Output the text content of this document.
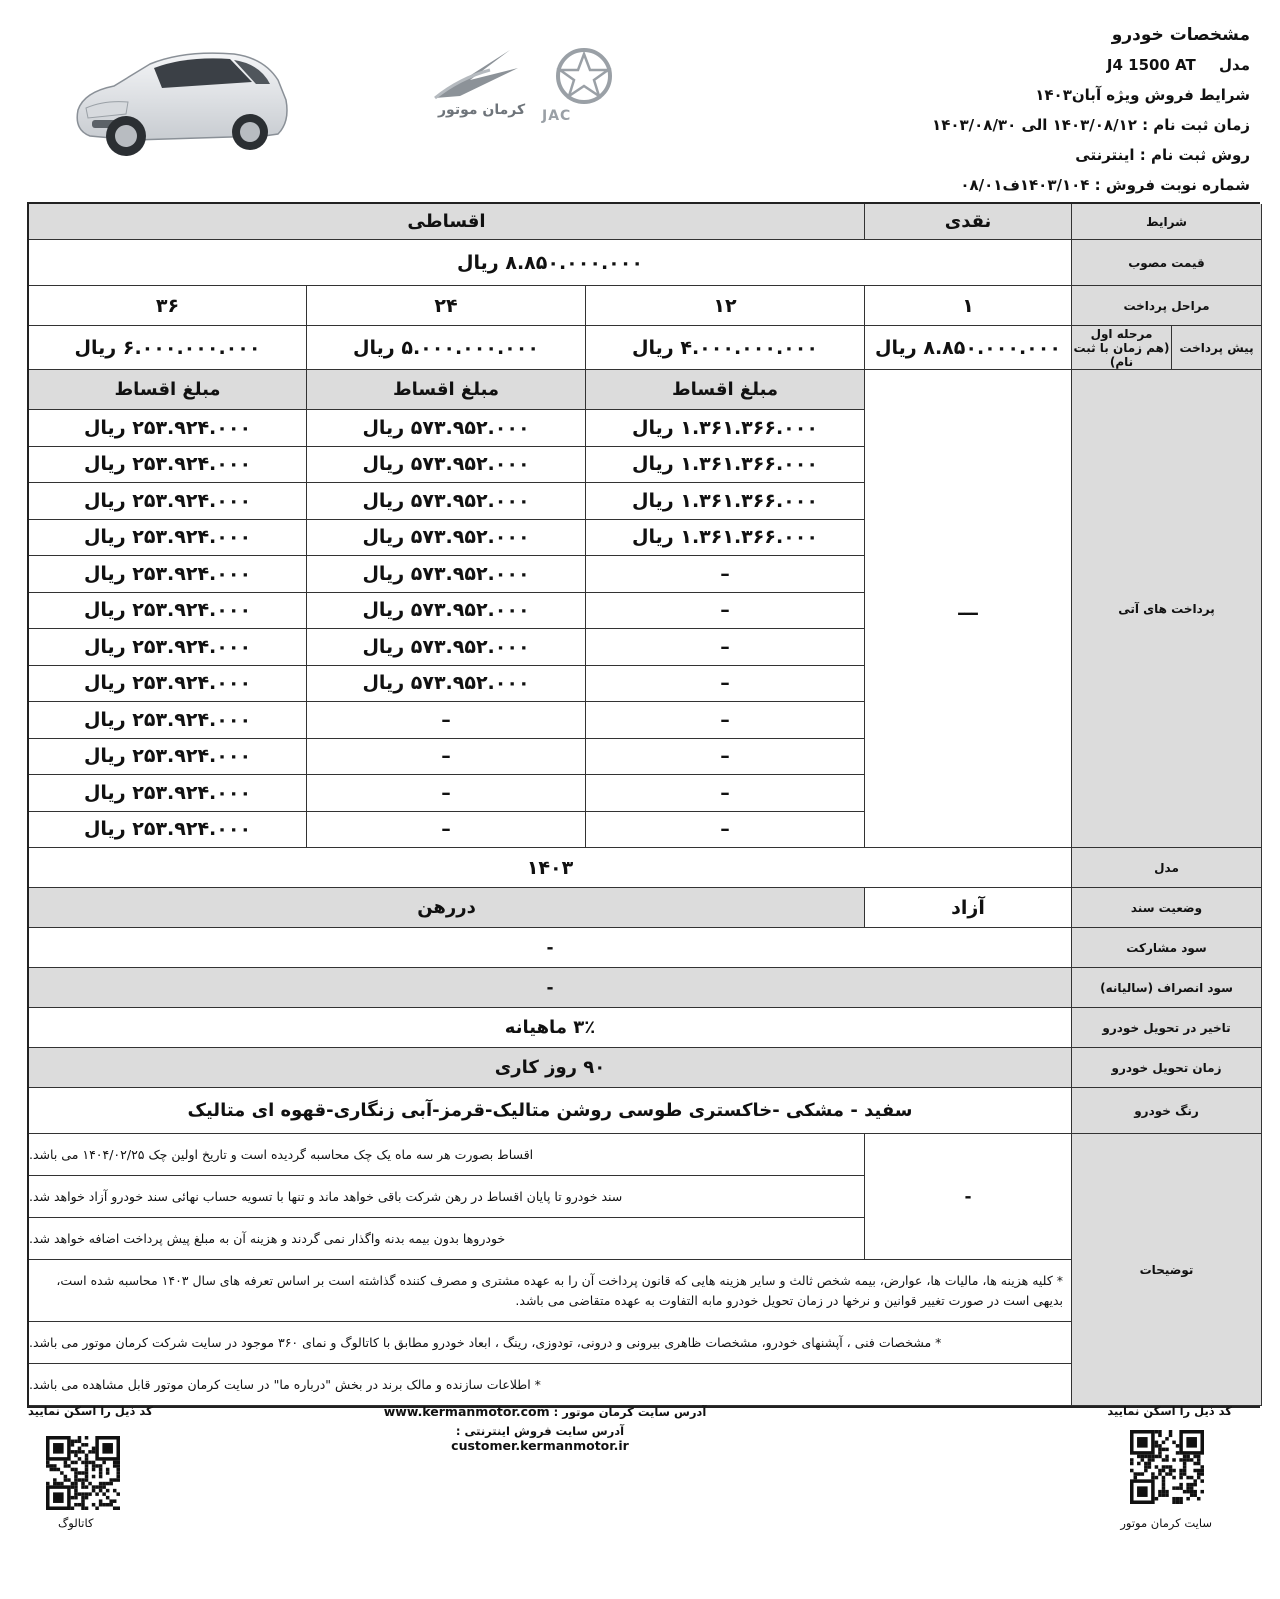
مشخصات خودرو
مدل J4 1500 AT
شرایط فروش ویژه آبان۱۴۰۳
زمان ثبت نام : ۱۴۰۳/۰۸/۱۲ الی ۱۴۰۳/۰۸/۳۰
روش ثبت نام : اینترنتی
شماره نوبت فروش : ۱۴۰۳/۱۰۴ف۰۸/۰۱
کرمان موتور JAC
شرایط
نقدی
اقساطی
قیمت مصوب
۸.۸۵۰.۰۰۰.۰۰۰ ریال
مراحل پرداخت
۱
۱۲
۲۴
۳۶
پیش پرداخت
مرحله اول
(هم زمان با ثبت نام)
۸.۸۵۰.۰۰۰.۰۰۰ ریال
۴.۰۰۰.۰۰۰.۰۰۰ ریال
۵.۰۰۰.۰۰۰.۰۰۰ ریال
۶.۰۰۰.۰۰۰.۰۰۰ ریال
پرداخت های آتی
ـــ
مبلغ اقساط
مبلغ اقساط
مبلغ اقساط
۱.۳۶۱.۳۶۶.۰۰۰ ریال
۵۷۳.۹۵۲.۰۰۰ ریال
۲۵۳.۹۲۴.۰۰۰ ریال
۱.۳۶۱.۳۶۶.۰۰۰ ریال
۵۷۳.۹۵۲.۰۰۰ ریال
۲۵۳.۹۲۴.۰۰۰ ریال
۱.۳۶۱.۳۶۶.۰۰۰ ریال
۵۷۳.۹۵۲.۰۰۰ ریال
۲۵۳.۹۲۴.۰۰۰ ریال
۱.۳۶۱.۳۶۶.۰۰۰ ریال
۵۷۳.۹۵۲.۰۰۰ ریال
۲۵۳.۹۲۴.۰۰۰ ریال
–
۵۷۳.۹۵۲.۰۰۰ ریال
۲۵۳.۹۲۴.۰۰۰ ریال
–
۵۷۳.۹۵۲.۰۰۰ ریال
۲۵۳.۹۲۴.۰۰۰ ریال
–
۵۷۳.۹۵۲.۰۰۰ ریال
۲۵۳.۹۲۴.۰۰۰ ریال
–
۵۷۳.۹۵۲.۰۰۰ ریال
۲۵۳.۹۲۴.۰۰۰ ریال
–
–
۲۵۳.۹۲۴.۰۰۰ ریال
–
–
۲۵۳.۹۲۴.۰۰۰ ریال
–
–
۲۵۳.۹۲۴.۰۰۰ ریال
–
–
۲۵۳.۹۲۴.۰۰۰ ریال
مدل
۱۴۰۳
وضعیت سند
آزاد
دررهن
سود مشارکت
-
سود انصراف (سالیانه)
-
تاخیر در تحویل خودرو
۳٪ ماهیانه
زمان تحویل خودرو
۹۰ روز کاری
رنگ خودرو
سفید - مشکی -خاکستری طوسی روشن متالیک-قرمز-آبی زنگاری-قهوه ای متالیک
توضیحات
-
اقساط بصورت هر سه ماه یک چک محاسبه گردیده است و تاریخ اولین چک ۱۴۰۴/۰۲/۲۵ می باشد.
سند خودرو تا پایان اقساط در رهن شرکت باقی خواهد ماند و تنها با تسویه حساب نهائی سند خودرو آزاد خواهد شد.
خودروها بدون بیمه بدنه واگذار نمی گردند و هزینه آن به مبلغ پیش پرداخت اضافه خواهد شد.
* کلیه هزینه ها، مالیات ها، عوارض، بیمه شخص ثالث و سایر هزینه هایی که قانون پرداخت آن را به عهده مشتری و مصرف کننده گذاشته است بر اساس تعرفه های سال ۱۴۰۳ محاسبه شده است، بدیهی است در صورت تغییر قوانین و نرخها در زمان تحویل خودرو مابه التفاوت به عهده متقاضی می باشد.
* مشخصات فنی ، آپشنهای خودرو، مشخصات ظاهری بیرونی و درونی، تودوزی، رینگ ، ابعاد خودرو مطابق با کاتالوگ و نمای ۳۶۰ موجود در سایت شرکت کرمان موتور می باشد.
* اطلاعات سازنده و مالک برند در بخش "درباره ما" در سایت کرمان موتور قابل مشاهده می باشد.
کد ذیل را اسکن نمایید
کد ذیل را اسکن نمایید	آدرس سایت کرمان موتور : www.kermanmotor.com
آدرس سایت فروش اینترنتی : customer.kermanmotor.ir
سایت کرمان موتور
کاتالوگ
